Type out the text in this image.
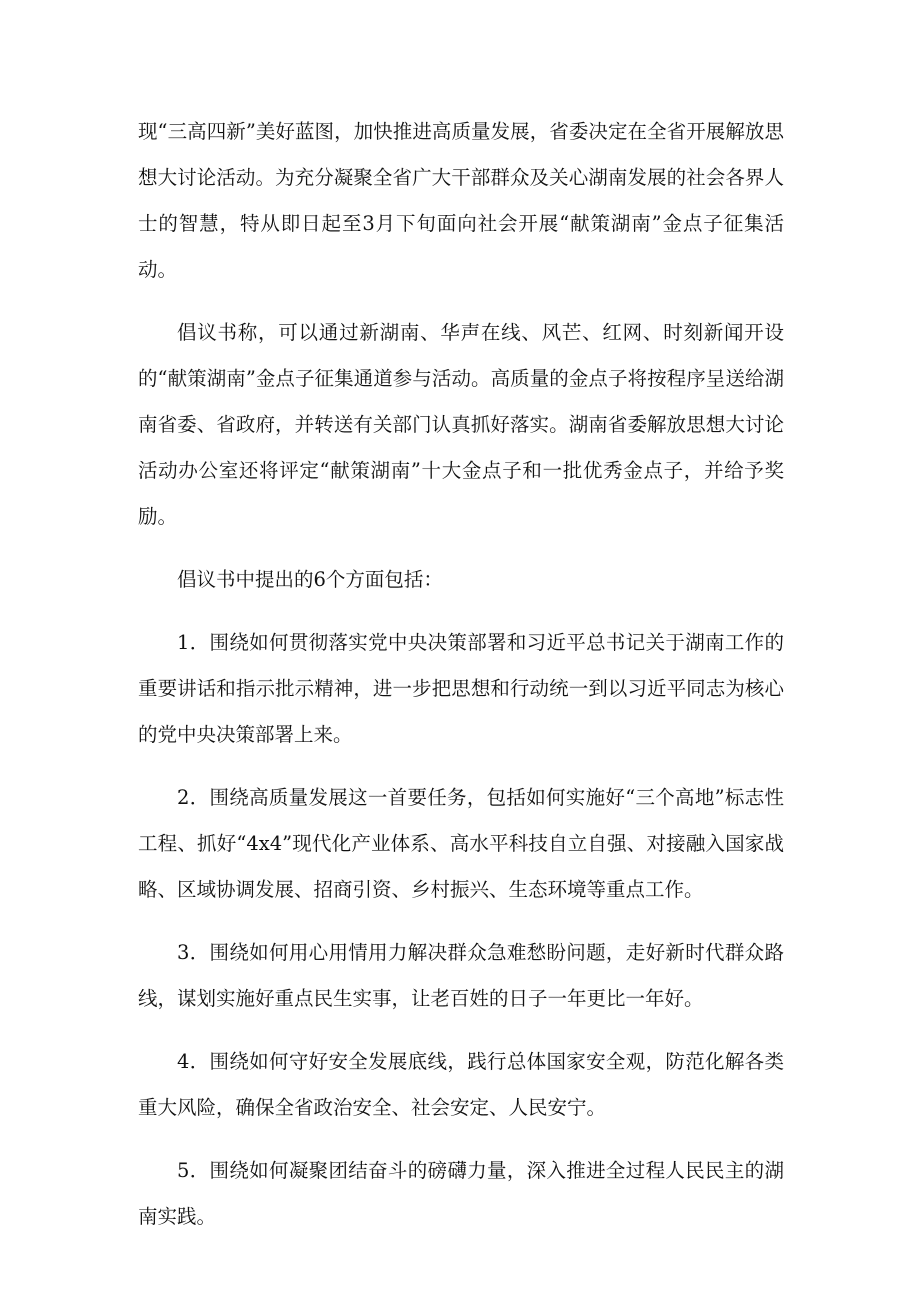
现“三高四新”美好蓝图，加快推进高质量发展，省委决定在全省开展解放思想大讨论活动。为充分凝聚全省广大干部群众及关心湖南发展的社会各界人士的智慧，特从即日起至3月下旬面向社会开展“献策湖南”金点子征集活动。

倡议书称，可以通过新湖南、华声在线、风芒、红网、时刻新闻开设的“献策湖南”金点子征集通道参与活动。高质量的金点子将按程序呈送给湖南省委、省政府，并转送有关部门认真抓好落实。湖南省委解放思想大讨论活动办公室还将评定“献策湖南”十大金点子和一批优秀金点子，并给予奖励。

倡议书中提出的6个方面包括：

1．围绕如何贯彻落实党中央决策部署和习近平总书记关于湖南工作的重要讲话和指示批示精神，进一步把思想和行动统一到以习近平同志为核心的党中央决策部署上来。

2．围绕高质量发展这一首要任务，包括如何实施好“三个高地”标志性工程、抓好“4x4”现代化产业体系、高水平科技自立自强、对接融入国家战略、区域协调发展、招商引资、乡村振兴、生态环境等重点工作。

3．围绕如何用心用情用力解决群众急难愁盼问题，走好新时代群众路线，谋划实施好重点民生实事，让老百姓的日子一年更比一年好。

4．围绕如何守好安全发展底线，践行总体国家安全观，防范化解各类重大风险，确保全省政治安全、社会安定、人民安宁。

5．围绕如何凝聚团结奋斗的磅礴力量，深入推进全过程人民民主的湖南实践。
